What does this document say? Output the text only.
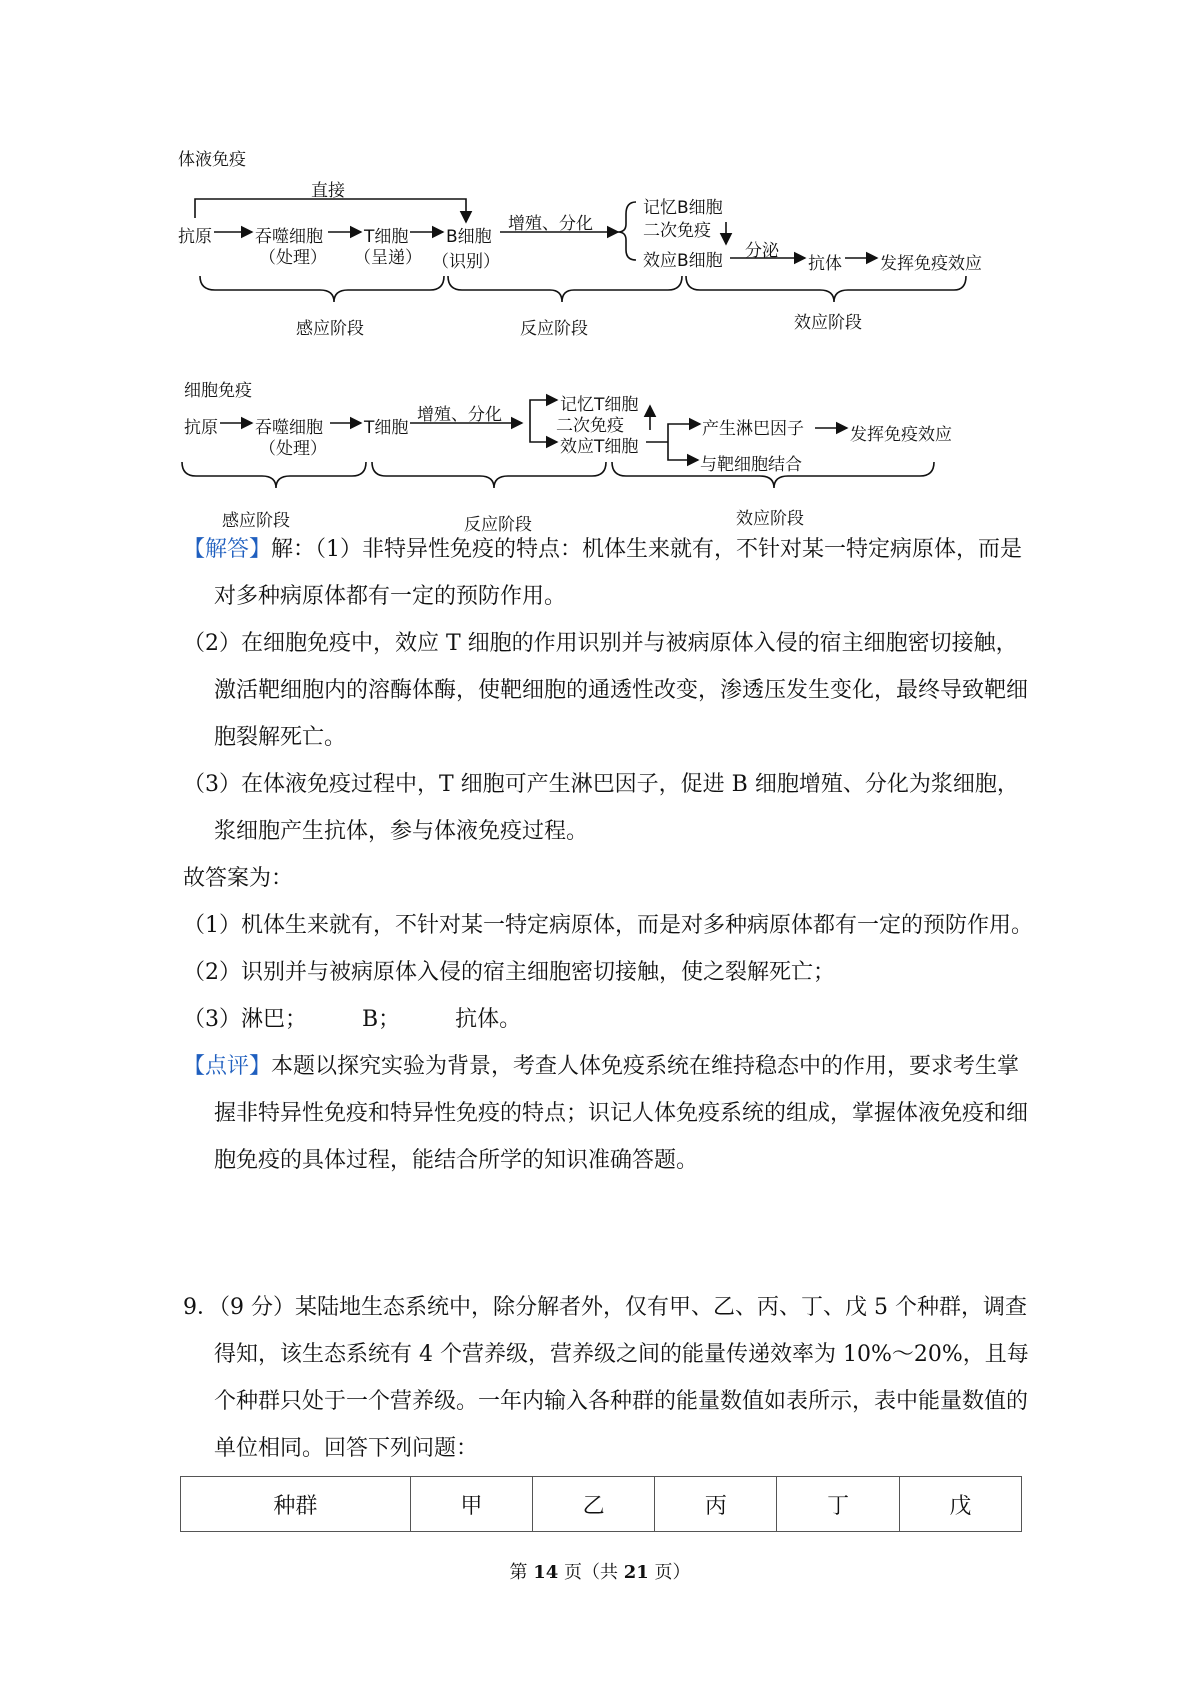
体液免疫
直接
抗原	吞噬细胞
（处理）
T细胞
（呈递）
B细胞
（识别）
增殖、分化
记忆B细胞
二次免疫
效应B细胞 分泌
抗体 发挥免疫效应
感应阶段	反应阶段	效应阶段
细胞免疫
抗原 吞噬细胞
（处理）
T细胞
增殖、分化	记忆T细胞
二次免疫
效应T细胞
产生淋巴因子	发挥免疫效应
与靶细胞结合
感应阶段	反应阶段	效应阶段
【解答】解：（1）非特异性免疫的特点：机体生来就有，不针对某一特定病原体，而是对多种病原体都有一定的预防作用。
（2）在细胞免疫中，效应 T 细胞的作用识别并与被病原体入侵的宿主细胞密切接触，激活靶细胞内的溶酶体酶，使靶细胞的通透性改变，渗透压发生变化，最终导致靶细胞裂解死亡。
（3）在体液免疫过程中，T 细胞可产生淋巴因子，促进 B 细胞增殖、分化为浆细胞，浆细胞产生抗体，参与体液免疫过程。
故答案为：
（1）机体生来就有，不针对某一特定病原体，而是对多种病原体都有一定的预防作用。
（2）识别并与被病原体入侵的宿主细胞密切接触，使之裂解死亡；
（3）淋巴；　　　B；　　　抗体。
【点评】本题以探究实验为背景，考查人体免疫系统在维持稳态中的作用，要求考生掌握非特异性免疫和特异性免疫的特点；识记人体免疫系统的组成，掌握体液免疫和细胞免疫的具体过程，能结合所学的知识准确答题。
9．（9 分）某陆地生态系统中，除分解者外，仅有甲、乙、丙、丁、戊 5 个种群，调查得知，该生态系统有 4 个营养级，营养级之间的能量传递效率为 10%～20%，且每个种群只处于一个营养级。一年内输入各种群的能量数值如表所示，表中能量数值的单位相同。回答下列问题：
种群	甲	乙	丙	丁	戊
第 14 页（共 21 页）
